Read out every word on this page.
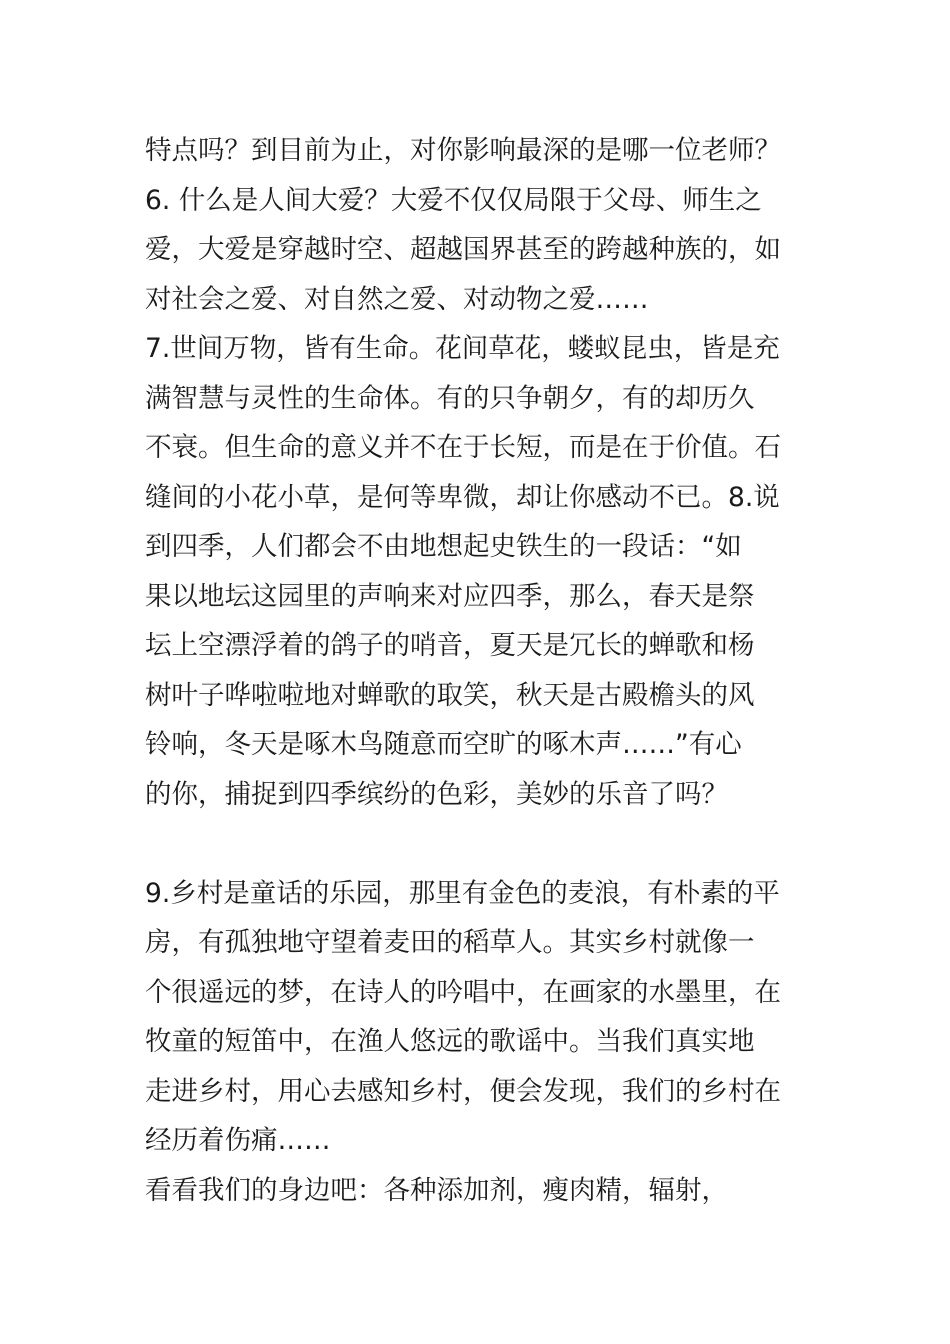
特点吗？到目前为止，对你影响最深的是哪一位老师？
6. 什么是人间大爱？大爱不仅仅局限于父母、师生之
爱，大爱是穿越时空、超越国界甚至的跨越种族的，如
对社会之爱、对自然之爱、对动物之爱……
7.世间万物，皆有生命。花间草花，蝼蚁昆虫，皆是充
满智慧与灵性的生命体。有的只争朝夕，有的却历久
不衰。但生命的意义并不在于长短，而是在于价值。石
缝间的小花小草，是何等卑微，却让你感动不已。8.说
到四季，人们都会不由地想起史铁生的一段话：“如
果以地坛这园里的声响来对应四季，那么，春天是祭
坛上空漂浮着的鸽子的哨音，夏天是冗长的蝉歌和杨
树叶子哗啦啦地对蝉歌的取笑，秋天是古殿檐头的风
铃响，冬天是啄木鸟随意而空旷的啄木声……”有心
的你，捕捉到四季缤纷的色彩，美妙的乐音了吗？
9.乡村是童话的乐园，那里有金色的麦浪，有朴素的平
房，有孤独地守望着麦田的稻草人。其实乡村就像一
个很遥远的梦，在诗人的吟唱中，在画家的水墨里，在
牧童的短笛中，在渔人悠远的歌谣中。当我们真实地
走进乡村，用心去感知乡村，便会发现，我们的乡村在
经历着伤痛……
看看我们的身边吧：各种添加剂，瘦肉精，辐射，
